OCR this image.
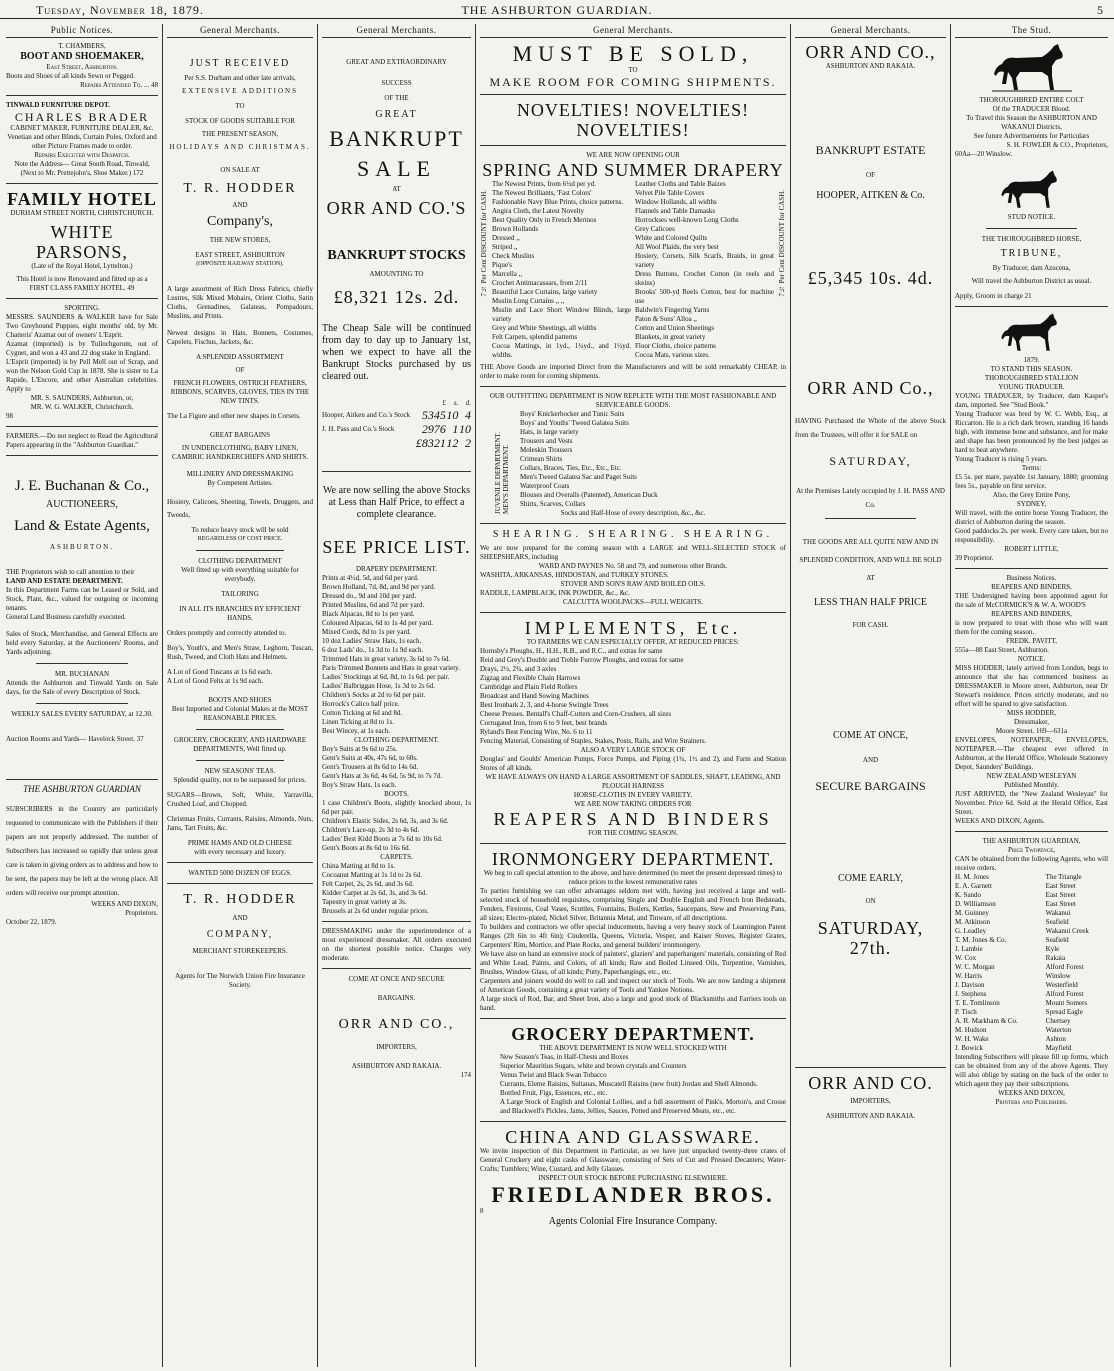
Tuesday, November 18, 1879.	THE ASHBURTON GUARDIAN.	5
Public Notices.

T. CHAMBERS,

BOOT AND SHOEMAKER,

East Street, Ashburton.

Boots and Shoes of all kinds Sewn or Pegged.

Repairs Attended To. ... 48

TINWALD FURNITURE DEPOT.

CHARLES BRADER

CABINET MAKER, FURNITURE DEALER, &c.

Venetian and other Blinds, Curtain Poles, Oxford and other Picture Frames made to order.

Repairs Executed with Despatch.

Note the Address— Great South Road, Tinwald, (Next to Mr. Prettejohn's, Shoe Maker.) 172

FAMILY HOTEL

DURHAM STREET NORTH, CHRISTCHURCH.

WHITE PARSONS,

(Late of the Royal Hotel, Lyttelton.)

This Hotel is now Renovated and fitted up as a

FIRST CLASS FAMILY HOTEL. 49

SPORTING.

MESSRS. SAUNDERS & WALKER have for Sale Two Greyhound Puppies, eight months' old, by Mr. Chatteris' Azamat out of owners' L'Esprit.

Azamat (imported) is by Tullochgorum, out of Cygnet, and won a 43 and 22 dog stake in England.

L'Esprit (imported) is by Pell Mell out of Scrap, and won the Nelson Gold Cup in 1878. She is sister to La Rapide, L'Encore, and other Australian celebrities. Apply to

MR. S. SAUNDERS, Ashburton, or,

MR. W. G. WALKER, Christchurch.

98

FARMERS.—Do not neglect to Read the Agricultural Papers appearing in the "Ashburton Guardian."

J. E. Buchanan & Co.,

AUCTIONEERS,

Land & Estate Agents,

ASHBURTON.

THE Proprietors wish to call attention to their

LAND AND ESTATE DEPARTMENT.

In this Department Farms can be Leased or Sold, and Stock, Plant, &c., valued for outgoing or incoming tenants.

General Land Business carefully executed.

Sales of Stock, Merchandise, and General Effects are held every Saturday, at the Auctioneers' Rooms, and Yards adjoining.

MR. BUCHANAN

Attends the Ashburton and Tinwald Yards on Sale days, for the Sale of every Description of Stock.

WEEKLY SALES EVERY SATURDAY, at 12.30.

Auction Rooms and Yards— Havelock Street. 37

THE ASHBURTON GUARDIAN

SUBSCRIBERS in the Country are particularly requested to communicate with the Publishers if their papers are not properly addressed. The number of Subscribers has increased so rapidly that unless great care is taken in giving orders as to address and how to be sent, the papers may be left at the wrong place. All orders will receive our prompt attention.

WEEKS AND DIXON,

Proprietors.

October 22, 1879.

General Merchants.

JUST RECEIVED

Per S.S. Durham and other late arrivals,

EXTENSIVE ADDITIONS

TO

STOCK OF GOODS SUITABLE FOR

THE PRESENT SEASON,

HOLIDAYS AND CHRISTMAS.

ON SALE AT

T. R. HODDER

AND

Company's,

THE NEW STORES,

EAST STREET, ASHBURTON

(OPPOSITE RAILWAY STATION).

A large assortment of Rich Dress Fabrics, chiefly Lustres, Silk Mixed Mohairs, Orient Cloths, Satin Cloths, Grenadines, Galateas, Pompadours, Muslins, and Prints.

Newest designs in Hats, Bonnets, Costumes, Capelets, Fischus, Jackets, &c.

A SPLENDID ASSORTMENT

OF

FRENCH FLOWERS, OSTRICH FEATHERS, RIBBONS, SCARVES, GLOVES, TIES IN THE NEW TINTS.

The La Figure and other new shapes in Corsets.

GREAT BARGAINS

IN UNDERCLOTHING, BABY LINEN, CAMBRIC HANDKERCHIEFS AND SHIRTS.

MILLINERY AND DRESSMAKING

By Competent Artistes.

Hosiery, Calicoes, Sheeting, Towels, Druggets, and Tweeds,

To reduce heavy stock will be sold

REGARDLESS OF COST PRICE.

CLOTHING DEPARTMENT

Well fitted up with everything suitable for everybody.

TAILORING

IN ALL ITS BRANCHES BY EFFICIENT HANDS.

Orders promptly and correctly attended to.

Boy's, Youth's, and Men's Straw, Leghorn, Tuscan, Rush, Tweed, and Cloth Hats and Helmets.

A Lot of Good Tuscans at 1s 6d each.

A Lot of Good Felts at 1s 9d each.

BOOTS AND SHOES

Best Imported and Colonial Makes at the MOST REASONABLE PRICES.

GROCERY, CROCKERY, AND HARDWARE DEPARTMENTS, Well fitted up.

NEW SEASONS' TEAS.

Splendid quality, not to be surpassed for prices.

SUGARS—Brown, Soft, White, Yarravilla, Crushed Loaf, and Chopped.

Christmas Fruits, Currants, Raisins, Almonds, Nuts, Jams, Tart Fruits, &c.

PRIME HAMS AND OLD CHEESE

with every necessary and luxury.

WANTED 5000 DOZEN OF EGGS.

T. R. HODDER

AND

COMPANY,

MERCHANT STOREKEEPERS.

Agents for The Norwich Union Fire Insurance Society.

General Merchants.

GREAT AND EXTRAORDINARY

SUCCESS

OF THE

GREAT

BANKRUPT

SALE

AT

ORR AND CO.'S

BANKRUPT STOCKS

AMOUNTING TO

£8,321 12s. 2d.

The Cheap Sale will be continued from day to day up to January 1st, when we expect to have all the Bankrupt Stocks purchased by us cleared out.

	£	s.	d.
Hooper, Aitken and Co.'s Stock	5345	10	4
J. H. Pass and Co.'s Stock	2976	1	10
	£8321	12	2

We are now selling the above Stocks at Less than Half Price, to effect a complete clearance.

SEE PRICE LIST.

DRAPERY DEPARTMENT.

Prints at 4½d, 5d, and 6d per yard.

Brown Holland, 7d, 8d, and 9d per yard.

Dressed do., 9d and 10d per yard.

Printed Muslins, 6d and 7d per yard.

Black Alpacas, 8d to 1s per yard.

Coloured Alpacas, 6d to 1s 4d per yard.

Mixed Cords, 8d to 1s per yard.

10 doz Ladies' Straw Hats, 1s each.

6 doz Lads' do., 1s 3d to 1s 9d each.

Trimmed Hats in great variety, 3s 6d to 7s 6d.

Paris Trimmed Bonnets and Hats in great variety.

Ladies' Stockings at 6d, 8d, to 1s 6d. per pair.

Ladies' Balbriggan Hose, 1s 3d to 2s 6d.

Children's Socks at 2d to 6d per pair.

Horrock's Calico half price.

Cotton Ticking at 6d and 8d.

Linen Ticking at 8d to 1s.

Best Wincey, at 1s each.

CLOTHING DEPARTMENT.

Boy's Suits at 9s 6d to 25s.

Gent's Suits at 40s, 47s 6d, to 60s.

Gent's Trousers at 8s 6d to 14s 6d.

Gent's Hats at 3s 6d, 4s 6d, 5s 9d, to 7s 7d.

Boy's Straw Hats, 1s each.

BOOTS.

1 case Children's Boots, slightly knocked about, 1s 6d per pair.

Children's Elastic Sides, 2s 6d, 3s, and 3s 6d.

Children's Lace-up, 2s 3d to 4s 6d.

Ladies' Best Kidd Boots at 7s 6d to 10s 6d.

Gent's Boots at 8s 6d to 16s 6d.

CARPETS.

China Matting at 8d to 1s.

Cocoanut Matting at 1s 1d to 2s 6d.

Felt Carpet, 2s, 2s 6d, and 3s 6d.

Kidder Carpet at 2s 6d, 3s, and 3s 6d.

Tapestry in great variety at 3s.

Brussels at 2s 6d under regular prices.

DRESSMAKING under the superintendence of a most experienced dressmaker. All orders executed on the shortest possible notice. Charges very moderate.

COME AT ONCE AND SECURE

BARGAINS.

ORR AND CO.,

IMPORTERS,

ASHBURTON AND RAKAIA.

174

General Merchants.

MUST BE SOLD,

TO

MAKE ROOM FOR COMING SHIPMENTS.

NOVELTIES! NOVELTIES! NOVELTIES!

WE ARE NOW OPENING OUR

SPRING AND SUMMER DRAPERY

7½ Per Cent DISCOUNT for CASH.	7½ Per Cent DISCOUNT for CASH.

The Newest Prints, from 6½d per yd.

The Newest Brilliants, 'Fast Colors'

Fashionable Navy Blue Prints, choice patterns.

Angira Cloth, the Latest Novelty

Best Quality Only in French Merinos

Brown Hollands

Dressed ,,

Striped ,,

Check Muslins

Pique's

Marcella ,,

Crochet Antimacassars, from 2/11

Beautiful Lace Curtains, large variety

Muslin Long Curtains ,, ,,

Muslin and Lace Short Window Blinds, large variety

Grey and White Sheetings, all widths

Felt Carpets, splendid patterns

Cocoa Mattings, in 1yd., 1¼yd., and 1½yd. widths.

Leather Cloths and Table Baizes

Velvet Pile Table Covers

Window Hollands, all widths

Flannels and Table Damasks

Horrockses well-known Long Cloths

Grey Calicoes

White and Colored Quilts

All Wool Plaids, the very best

Hosiery, Corsets, Silk Scarfs, Braids, in great variety

Dress Buttons, Crochet Cotton (in reels and skeins)

Brooks' 500-yd Reels Cotton, best for machine use

Baldwin's Fingering Yarns

Paton & Sons' Alloa ,,

Cotton and Union Sheetings

Blankets, in great variety

Floor Cloths, choice patterns

Cocoa Mats, various sizes.

THE Above Goods are imported Direct from the Manufacturers and will be sold remarkably CHEAP, in order to make room for coming shipments.

OUR OUTFITTING DEPARTMENT IS NOW REPLETE WITH THE MOST FASHIONABLE AND SERVICEABLE GOODS.

JUVENILE DEPARTMENT. MEN'S DEPARTMENT.

Boys' Knickerbocker and Tunic Suits

Boys' and Youths' Tweed Galatea Suits

Hats, in large variety

Trousers and Vests

Moleskin Trousers

Crimean Shirts

Collars, Braces, Ties, Etc., Etc., Etc.

Men's Tweed Galatea Sac and Paget Suits

Waterproof Coats

Blouses and Overalls (Patented), American Duck

Shirts, Scarves, Collars

Socks and Half-Hose of every description, &c., &c.

SHEARING. SHEARING. SHEARING.

We are now prepared for the coming season with a LARGE and WELL-SELECTED STOCK of SHEEPSHEARS, including

WARD AND PAYNES No. 58 and 79, and numerous other Brands.

WASHITA, ARKANSAS, HINDOSTAN, and TURKEY STONES.

STOVER AND SON'S RAW AND BOILED OILS.

RADDLE, LAMPBLACK, INK POWDER, &c., &c.

CALCUTTA WOOLPACKS—FULL WEIGHTS.

IMPLEMENTS, Etc.

TO FARMERS WE CAN ESPECIALLY OFFER, AT REDUCED PRICES:

Hornsby's Ploughs, H., H.H., R.B., and R.C., and extras for same

Reid and Grey's Double and Treble Furrow Ploughs, and extras for same

Drays, 2½, 2¾, and 3 axles

Zigzag and Flexible Chain Harrows

Cambridge and Plain Field Rollers

Broadcast and Hand Sowing Machines

Best Ironbark 2, 3, and 4-horse Swingle Trees

Cheese Presses. Bentall's Chaff-Cutters and Corn-Crushers, all sizes

Corrugated Iron, from 6 to 9 feet, best brands

Ryland's Best Fencing Wire, No. 6 to 11

Fencing Material, Consisting of Staples, Stakes, Posts, Rails, and Wire Strainers.

ALSO A VERY LARGE STOCK OF

Douglas' and Goulds' American Pumps, Force Pumps, and Piping (1¼, 1½ and 2), and Farm and Station Stores of all kinds.

WE HAVE ALWAYS ON HAND A LARGE ASSORTMENT OF SADDLES, SHAFT, LEADING, AND PLOUGH HARNESS

HORSE-CLOTHS IN EVERY VARIETY.

WE ARE NOW TAKING ORDERS FOR

REAPERS AND BINDERS

FOR THE COMING SEASON.

IRONMONGERY DEPARTMENT.

We beg to call special attention to the above, and have determined (to meet the present depressed times) to reduce prices to the lowest remunerative rates

To parties furnishing we can offer advantages seldom met with, having just received a large and well-selected stock of household requisites, comprising Single and Double English and French Iron Bedsteads, Fenders, Fireirons, Coal Vases, Scuttles, Fountains, Boilers, Kettles, Saucepans, Stew and Preserving Pans, all sizes; Electro-plated, Nickel Silver, Britannia Metal, and Tinware, of all descriptions.

To builders and contractors we offer special inducements, having a very heavy stock of Leamington Patent Ranges (2ft 6in to 4ft 6in); Cinderella, Queens, Victoria, Vesper, and Kaiser Stoves, Register Grates, Carpenters' Rim, Mortice, and Plate Rocks, and general builders' ironmongery.

We have also on hand an extensive stock of painters', glaziers' and paperhangers' materials, consisting of Red and White Lead, Paints, and Colors, of all kinds; Raw and Boiled Linseed Oils, Turpentine, Varnishes, Brushes, Window Glass, of all kinds; Putty, Paperhangings, etc., etc.

Carpenters and joiners would do well to call and inspect our stock of Tools. We are now landing a shipment of American Goods, containing a great variety of Tools and Yankee Notions.

A large stock of Rod, Bar, and Sheet Iron, also a large and good stock of Blacksmiths and Farriers tools on hand.

GROCERY DEPARTMENT.

THE ABOVE DEPARTMENT IS NOW WELL STOCKED WITH

New Season's Teas, in Half-Chests and Boxes

Superior Mauritius Sugars, white and brown crystals and Counters

Venus Twist and Black Swan Tobacco

Currants, Eleme Raisins, Sultanas, Muscatell Raisins (new fruit) Jordan and Shell Almonds.

Bottled Fruit, Figs, Essences, etc., etc.

A Large Stock of English and Colonial Lollies, and a full assortment of Pink's, Morton's, and Crosse and Blackwell's Pickles, Jams, Jellies, Sauces, Potted and Preserved Meats, etc., etc.

CHINA AND GLASSWARE.

We invite inspection of this Department in Particular, as we have just unpacked twenty-three crates of General Crockery and eight casks of Glassware, consisting of Sets of Cut and Pressed Decanters; Water-Crafts; Tumblers; Wine, Custard, and Jelly Glasses.

INSPECT OUR STOCK BEFORE PURCHASING ELSEWHERE.

FRIEDLANDER BROS.

8

Agents Colonial Fire Insurance Company.

General Merchants.

ORR AND CO.,

ASHBURTON AND RAKAIA.

BANKRUPT ESTATE

OF

HOOPER, AITKEN & Co.

£5,345 10s. 4d.

ORR AND Co.,

HAVING Purchased the Whole of the above Stock from the Trustees, will offer it for SALE on

SATURDAY,

At the Premises Lately occupied by J. H. PASS AND Co.

THE GOODS ARE ALL QUITE NEW AND IN SPLENDID CONDITION, AND WILL BE SOLD AT

LESS THAN HALF PRICE

FOR CASH.

COME AT ONCE,

AND

SECURE BARGAINS

COME EARLY,

ON

SATURDAY, 27th.

ORR AND CO.

IMPORTERS,

ASHBURTON AND RAKAIA.

The Stud.

THOROUGHBRED ENTIRE COLT

Of the TRADUCER Blood.

To Travel this Season the ASHBURTON AND WAKANUI Districts,

See future Advertisements for Particulars

S. H. FOWLER & CO., Proprietors,

60Aa—20 Winslow.

STUD NOTICE.

THE THOROUGHBRED HORSE,

TRIBUNE,

By Traducer, dam Azucena,

Will travel the Ashburton District as usual.

Apply, Groom in charge 21

1879.

TO STAND THIS SEASON.

THOROUGHBRED STALLION

YOUNG TRADUCER.

YOUNG TRADUCER, by Traducer, dam Kasper's dam, imported. See "Stud Book."

Young Traducer was bred by W. C. Webb, Esq., at Riccarton. He is a rich dark brown, standing 16 hands high, with immense bone and substance, and for make and shape has been pronounced by the best judges as hard to beat anywhere.

Young Traducer is rising 5 years.

Terms:

£5 5s. per mare, payable 1st January, 1880; grooming fees 5s., payable on first service.

Also, the Grey Entire Pony,

SYDNEY,

Will travel, with the entire horse Young Traducer, the district of Ashburton during the season.

Good paddocks 2s. per week. Every care taken, but no responsibility.

ROBERT LITTLE,

39 Proprietor.

Business Notices.

REAPERS AND BINDERS.

THE Undersigned having been appointed agent for the sale of McCORMICK'S & W. A. WOOD'S

REAPERS AND BINDERS,

is now prepared to treat with those who will want them for the coming season.

FREDK. PAVITT,

555a—88 East Street, Ashburton.

NOTICE.

MISS HODDER, lately arrived from London, begs to announce that she has commenced business as DRESSMAKER in Moore street, Ashburton, near Dr Stewart's residence. Prices strictly moderate, and no effort will be spared to give satisfaction.

MISS HODDER,

Dressmaker,

Moore Street. 169—631a

ENVELOPES, NOTEPAPER, ENVELOPES, NOTEPAPER.—The cheapest ever offered in Ashburton, at the Herald Office, Wholesale Stationery Depot, Saunders' Buildings.

NEW ZEALAND WESLEYAN

Published Monthly.

JUST ARRIVED, the "New Zealand Wesleyan" for November. Price 6d. Sold at the Herald Office, East Street.

WEEKS AND DIXON, Agents.

THE ASHBURTON GUARDIAN,

Price Twopence,

CAN be obtained from the following Agents, who will receive orders.

H. M. Jones	The Triangle
E. A. Garnett	East Street
K. Sando	East Street
D. Williamson	East Street
M. Guinney	Wakanui
M. Atkinson	Seafield
G. Leadley	Wakanui Creek
T. M. Jones & Co.	Seafield
J. Lambie	Kyle
W. Cox	Rakaia
W. C. Morgan	Alford Forest
W. Harris	Winslow
J. Davison	Westerfield
J. Stephens	Alford Forest
T. E. Tomlinson	Mount Somers
P. Tisch	Spread Eagle
A. R. Markham & Co.	Chertsey
M. Hudson	Waterton
W. H. Wake	Ashton
J. Bowick	Mayfield

Intending Subscribers will please fill up forms, which can be obtained from any of the above Agents. They will also oblige by stating on the back of the order to which agent they pay their subscriptions.

WEEKS AND DIXON,

Printers and Publishers.
